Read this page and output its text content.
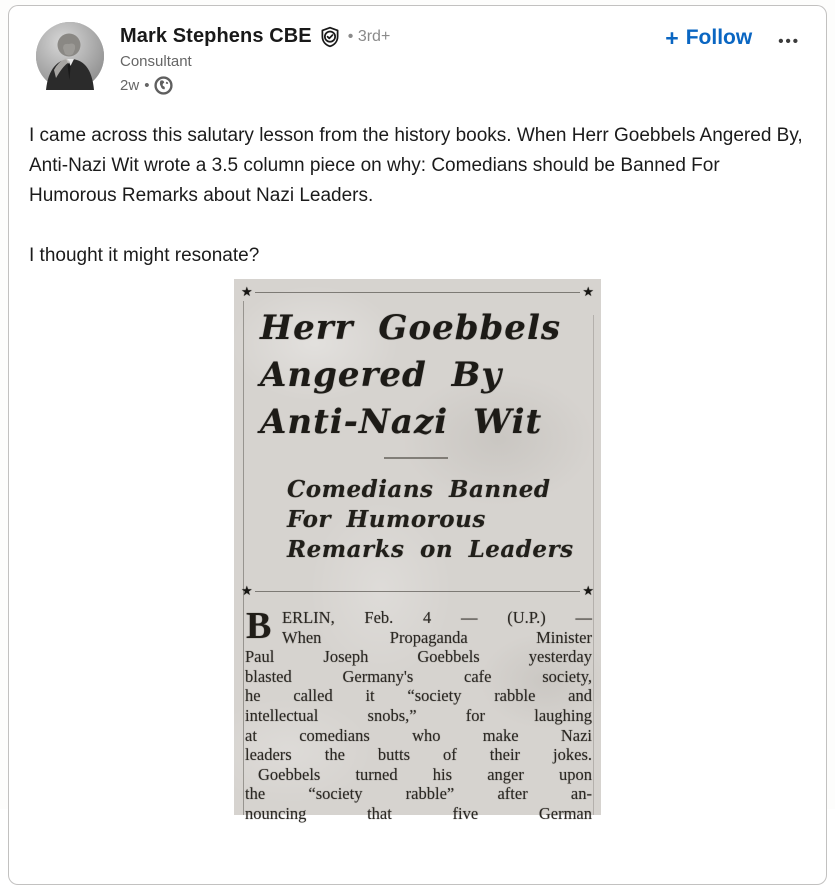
Mark Stephens CBE • 3rd+
Consultant
2w •
+ Follow •••

I came across this salutary lesson from the history books. When Herr Goebbels Angered By, Anti-Nazi Wit wrote a 3.5 column piece on why: Comedians should be Banned For Humorous Remarks about Nazi Leaders.

I thought it might resonate?

★	★
Herr Goebbels
Angered By
Anti-Nazi Wit
Comedians Banned
For Humorous
Remarks on Leaders
★	★
B ERLIN, Feb. 4 — (U.P.) —
When Propaganda Minister
Paul Joseph Goebbels yesterday
blasted Germany's cafe society,
he called it “society rabble and
intellectual snobs,” for laughing
at comedians who make Nazi
leaders the butts of their jokes.
Goebbels turned his anger upon
the “society rabble” after an-
nouncing that five German
